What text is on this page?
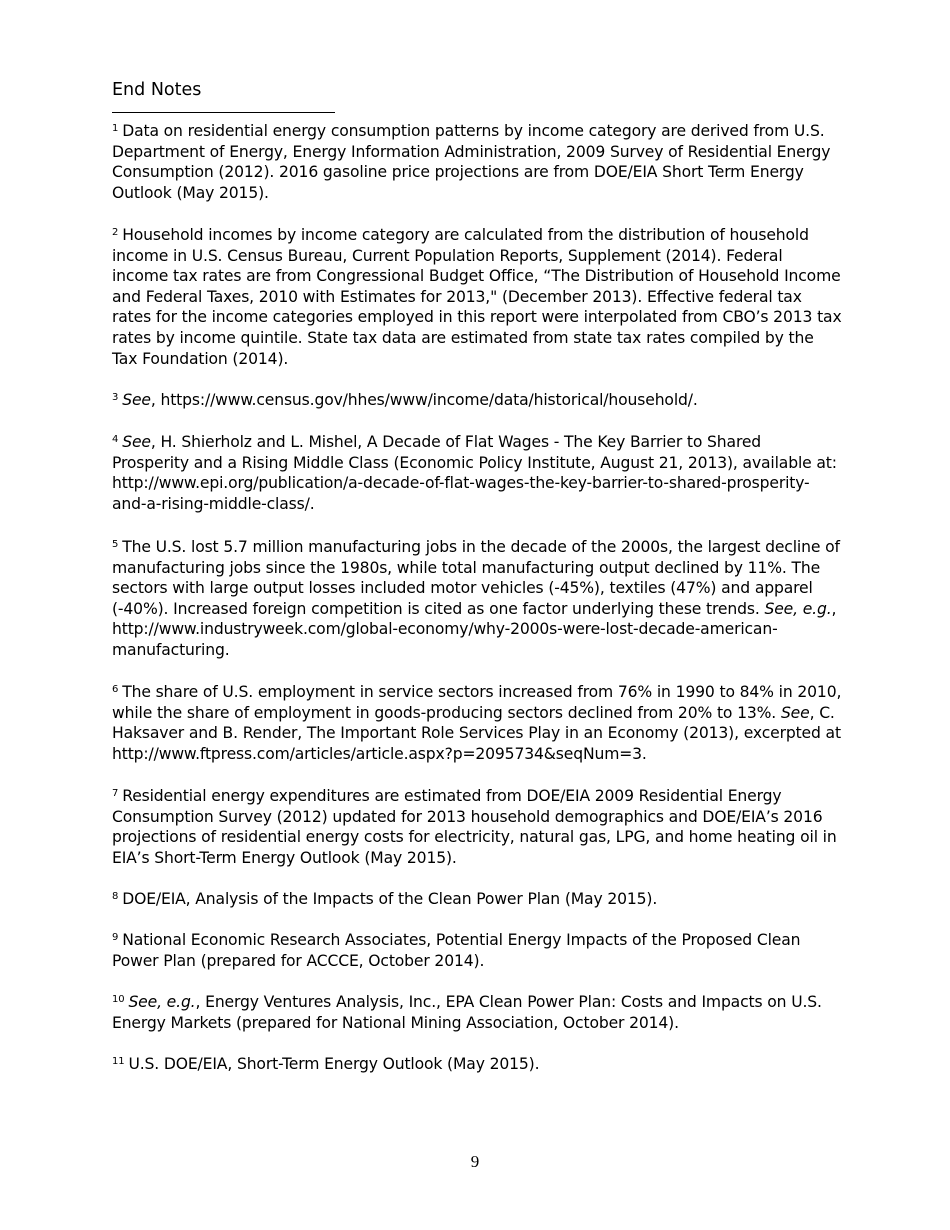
End Notes

$^1$ Data on residential energy consumption patterns by income category are derived from U.S. Department of Energy, Energy Information Administration, 2009 Survey of Residential Energy Consumption (2012). 2016 gasoline price projections are from DOE/EIA Short Term Energy Outlook (May 2015).

$^2$ Household incomes by income category are calculated from the distribution of household income in U.S. Census Bureau, Current Population Reports, Supplement (2014). Federal income tax rates are from Congressional Budget Office, “The Distribution of Household Income and Federal Taxes, 2010 with Estimates for 2013," (December 2013). Effective federal tax rates for the income categories employed in this report were interpolated from CBO’s 2013 tax rates by income quintile. State tax data are estimated from state tax rates compiled by the Tax Foundation (2014).

$^3$ See, https://www.census.gov/hhes/www/income/data/historical/household/.

$^4$ See, H. Shierholz and L. Mishel, A Decade of Flat Wages - The Key Barrier to Shared Prosperity and a Rising Middle Class (Economic Policy Institute, August 21, 2013), available at: http://www.epi.org/publication/a-decade-of-flat-wages-the-key-barrier-to-shared-prosperity-and-a-rising-middle-class/.

$^5$ The U.S. lost 5.7 million manufacturing jobs in the decade of the 2000s, the largest decline of manufacturing jobs since the 1980s, while total manufacturing output declined by 11%. The sectors with large output losses included motor vehicles (-45%), textiles (47%) and apparel (-40%). Increased foreign competition is cited as one factor underlying these trends. See, e.g., http://www.industryweek.com/global-economy/why-2000s-were-lost-decade-american-manufacturing.

$^6$ The share of U.S. employment in service sectors increased from 76% in 1990 to 84% in 2010, while the share of employment in goods-producing sectors declined from 20% to 13%. See, C. Haksaver and B. Render, The Important Role Services Play in an Economy (2013), excerpted at http://www.ftpress.com/articles/article.aspx?p=2095734&seqNum=3.

$^7$ Residential energy expenditures are estimated from DOE/EIA 2009 Residential Energy Consumption Survey (2012) updated for 2013 household demographics and DOE/EIA’s 2016 projections of residential energy costs for electricity, natural gas, LPG, and home heating oil in EIA’s Short-Term Energy Outlook (May 2015).

$^8$ DOE/EIA, Analysis of the Impacts of the Clean Power Plan (May 2015).

$^9$ National Economic Research Associates, Potential Energy Impacts of the Proposed Clean Power Plan (prepared for ACCCE, October 2014).

$^{10}$ See, e.g., Energy Ventures Analysis, Inc., EPA Clean Power Plan: Costs and Impacts on U.S. Energy Markets (prepared for National Mining Association, October 2014).

$^{11}$ U.S. DOE/EIA, Short-Term Energy Outlook (May 2015).

9
